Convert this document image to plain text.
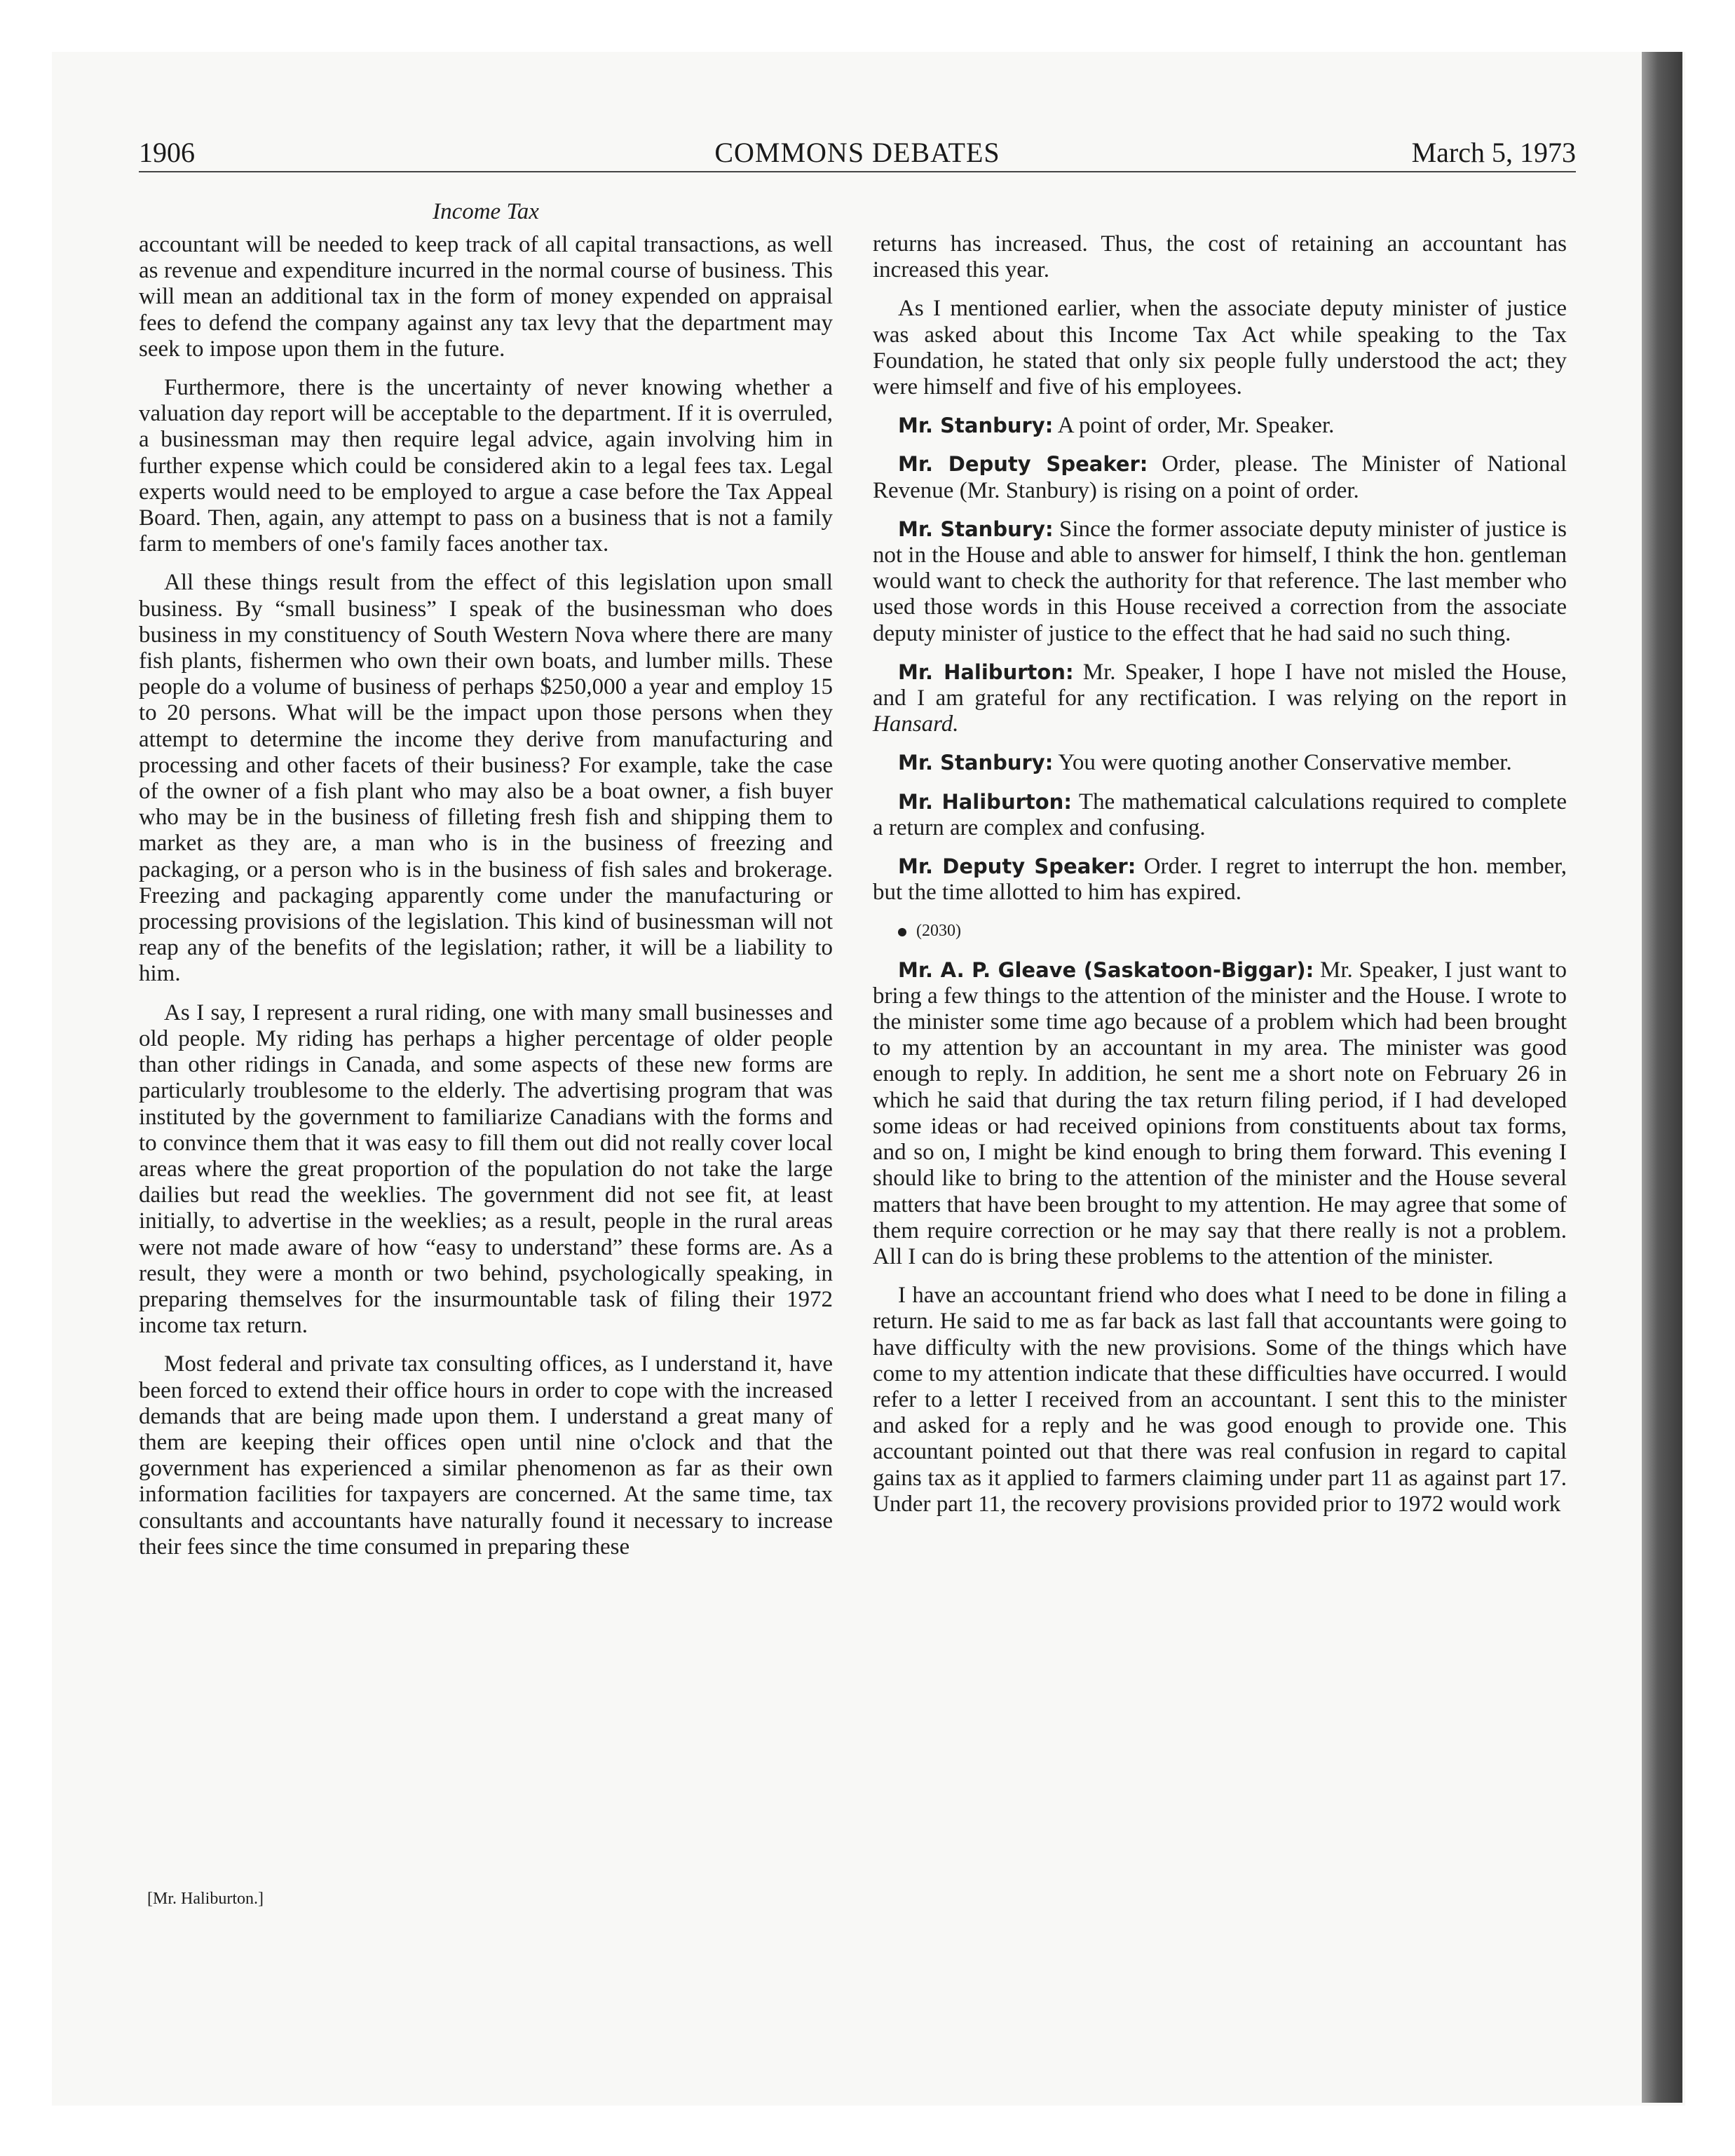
1906	COMMONS DEBATES	March 5, 1973
Income Tax

accountant will be needed to keep track of all capital transactions, as well as revenue and expenditure incurred in the normal course of business. This will mean an additional tax in the form of money expended on appraisal fees to defend the company against any tax levy that the department may seek to impose upon them in the future.

Furthermore, there is the uncertainty of never knowing whether a valuation day report will be acceptable to the department. If it is overruled, a businessman may then require legal advice, again involving him in further expense which could be considered akin to a legal fees tax. Legal experts would need to be employed to argue a case before the Tax Appeal Board. Then, again, any attempt to pass on a business that is not a family farm to members of one's family faces another tax.

All these things result from the effect of this legislation upon small business. By “small business” I speak of the businessman who does business in my constituency of South Western Nova where there are many fish plants, fishermen who own their own boats, and lumber mills. These people do a volume of business of perhaps $250,000 a year and employ 15 to 20 persons. What will be the impact upon those persons when they attempt to determine the income they derive from manufacturing and processing and other facets of their business? For example, take the case of the owner of a fish plant who may also be a boat owner, a fish buyer who may be in the business of filleting fresh fish and shipping them to market as they are, a man who is in the business of freezing and packaging, or a person who is in the business of fish sales and brokerage. Freezing and packaging apparently come under the manufacturing or processing provisions of the legislation. This kind of businessman will not reap any of the benefits of the legislation; rather, it will be a liability to him.

As I say, I represent a rural riding, one with many small businesses and old people. My riding has perhaps a higher percentage of older people than other ridings in Canada, and some aspects of these new forms are particularly troublesome to the elderly. The advertising program that was instituted by the government to familiarize Canadians with the forms and to convince them that it was easy to fill them out did not really cover local areas where the great proportion of the population do not take the large dailies but read the weeklies. The government did not see fit, at least initially, to advertise in the weeklies; as a result, people in the rural areas were not made aware of how “easy to understand” these forms are. As a result, they were a month or two behind, psychologically speaking, in preparing themselves for the insurmountable task of filing their 1972 income tax return.

Most federal and private tax consulting offices, as I understand it, have been forced to extend their office hours in order to cope with the increased demands that are being made upon them. I understand a great many of them are keeping their offices open until nine o'clock and that the government has experienced a similar phenomenon as far as their own information facilities for taxpayers are concerned. At the same time, tax consultants and accountants have naturally found it necessary to increase their fees since the time consumed in preparing these

[Mr. Haliburton.]

returns has increased. Thus, the cost of retaining an accountant has increased this year.

As I mentioned earlier, when the associate deputy minister of justice was asked about this Income Tax Act while speaking to the Tax Foundation, he stated that only six people fully understood the act; they were himself and five of his employees.

Mr. Stanbury: A point of order, Mr. Speaker.

Mr. Deputy Speaker: Order, please. The Minister of National Revenue (Mr. Stanbury) is rising on a point of order.

Mr. Stanbury: Since the former associate deputy minister of justice is not in the House and able to answer for himself, I think the hon. gentleman would want to check the authority for that reference. The last member who used those words in this House received a correction from the associate deputy minister of justice to the effect that he had said no such thing.

Mr. Haliburton: Mr. Speaker, I hope I have not misled the House, and I am grateful for any rectification. I was relying on the report in Hansard.

Mr. Stanbury: You were quoting another Conservative member.

Mr. Haliburton: The mathematical calculations required to complete a return are complex and confusing.

Mr. Deputy Speaker: Order. I regret to interrupt the hon. member, but the time allotted to him has expired.

(2030)

Mr. A. P. Gleave (Saskatoon-Biggar): Mr. Speaker, I just want to bring a few things to the attention of the minister and the House. I wrote to the minister some time ago because of a problem which had been brought to my attention by an accountant in my area. The minister was good enough to reply. In addition, he sent me a short note on February 26 in which he said that during the tax return filing period, if I had developed some ideas or had received opinions from constituents about tax forms, and so on, I might be kind enough to bring them forward. This evening I should like to bring to the attention of the minister and the House several matters that have been brought to my attention. He may agree that some of them require correction or he may say that there really is not a problem. All I can do is bring these problems to the attention of the minister.

I have an accountant friend who does what I need to be done in filing a return. He said to me as far back as last fall that accountants were going to have difficulty with the new provisions. Some of the things which have come to my attention indicate that these difficulties have occurred. I would refer to a letter I received from an accountant. I sent this to the minister and asked for a reply and he was good enough to provide one. This accountant pointed out that there was real confusion in regard to capital gains tax as it applied to farmers claiming under part 11 as against part 17. Under part 11, the recovery provisions provided prior to 1972 would work
